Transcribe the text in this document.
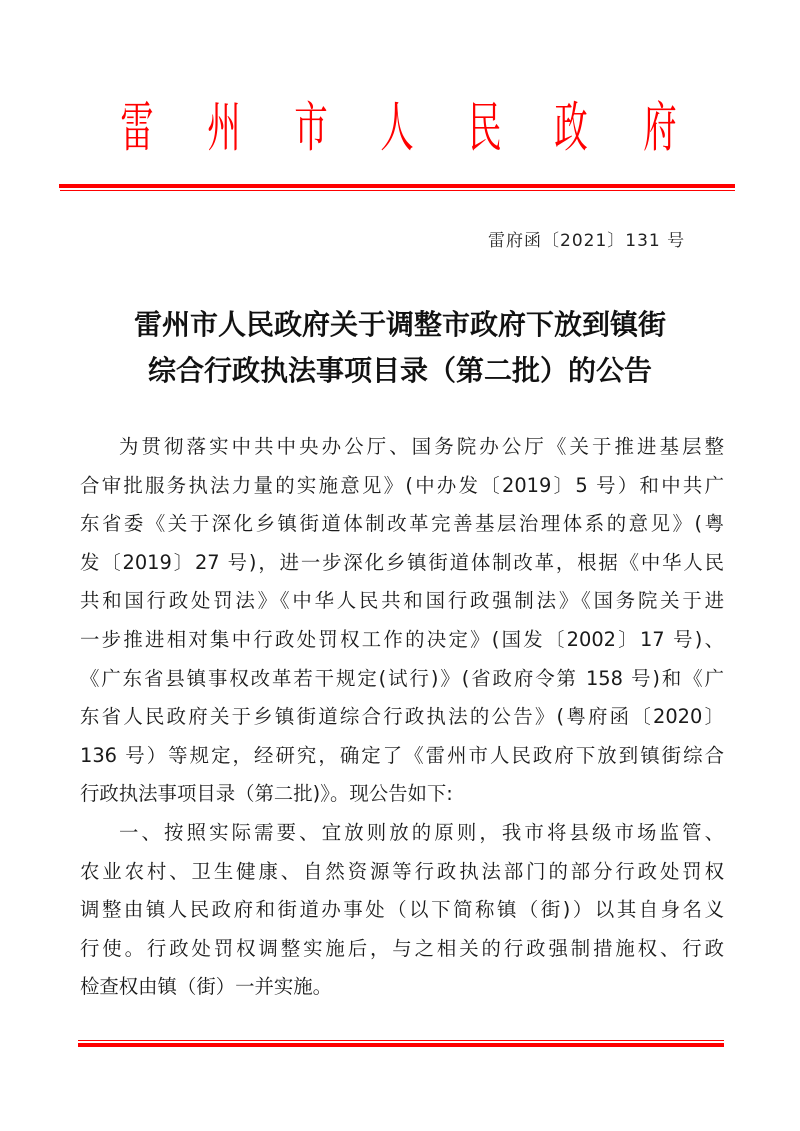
雷 州 市 人 民 政 府
雷府函〔2021〕131 号
雷州市人民政府关于调整市政府下放到镇街
综合行政执法事项目录（第二批）的公告
为贯彻落实中共中央办公厅、国务院办公厅《关于推进基层整
合审批服务执法力量的实施意见》(中办发〔2019〕5 号）和中共广
东省委《关于深化乡镇街道体制改革完善基层治理体系的意见》(粤
发〔2019〕27 号)，进一步深化乡镇街道体制改革，根据《中华人民
共和国行政处罚法》《中华人民共和国行政强制法》《国务院关于进
一步推进相对集中行政处罚权工作的决定》(国发〔2002〕17 号)、
《广东省县镇事权改革若干规定(试行)》(省政府令第 158 号)和《广
东省人民政府关于乡镇街道综合行政执法的公告》(粤府函〔2020〕
136 号）等规定，经研究，确定了《雷州市人民政府下放到镇街综合
行政执法事项目录（第二批)》。现公告如下:
一、按照实际需要、宜放则放的原则，我市将县级市场监管、
农业农村、卫生健康、自然资源等行政执法部门的部分行政处罚权
调整由镇人民政府和街道办事处（以下简称镇（街)）以其自身名义
行使。行政处罚权调整实施后，与之相关的行政强制措施权、行政
检查权由镇（街）一并实施。
